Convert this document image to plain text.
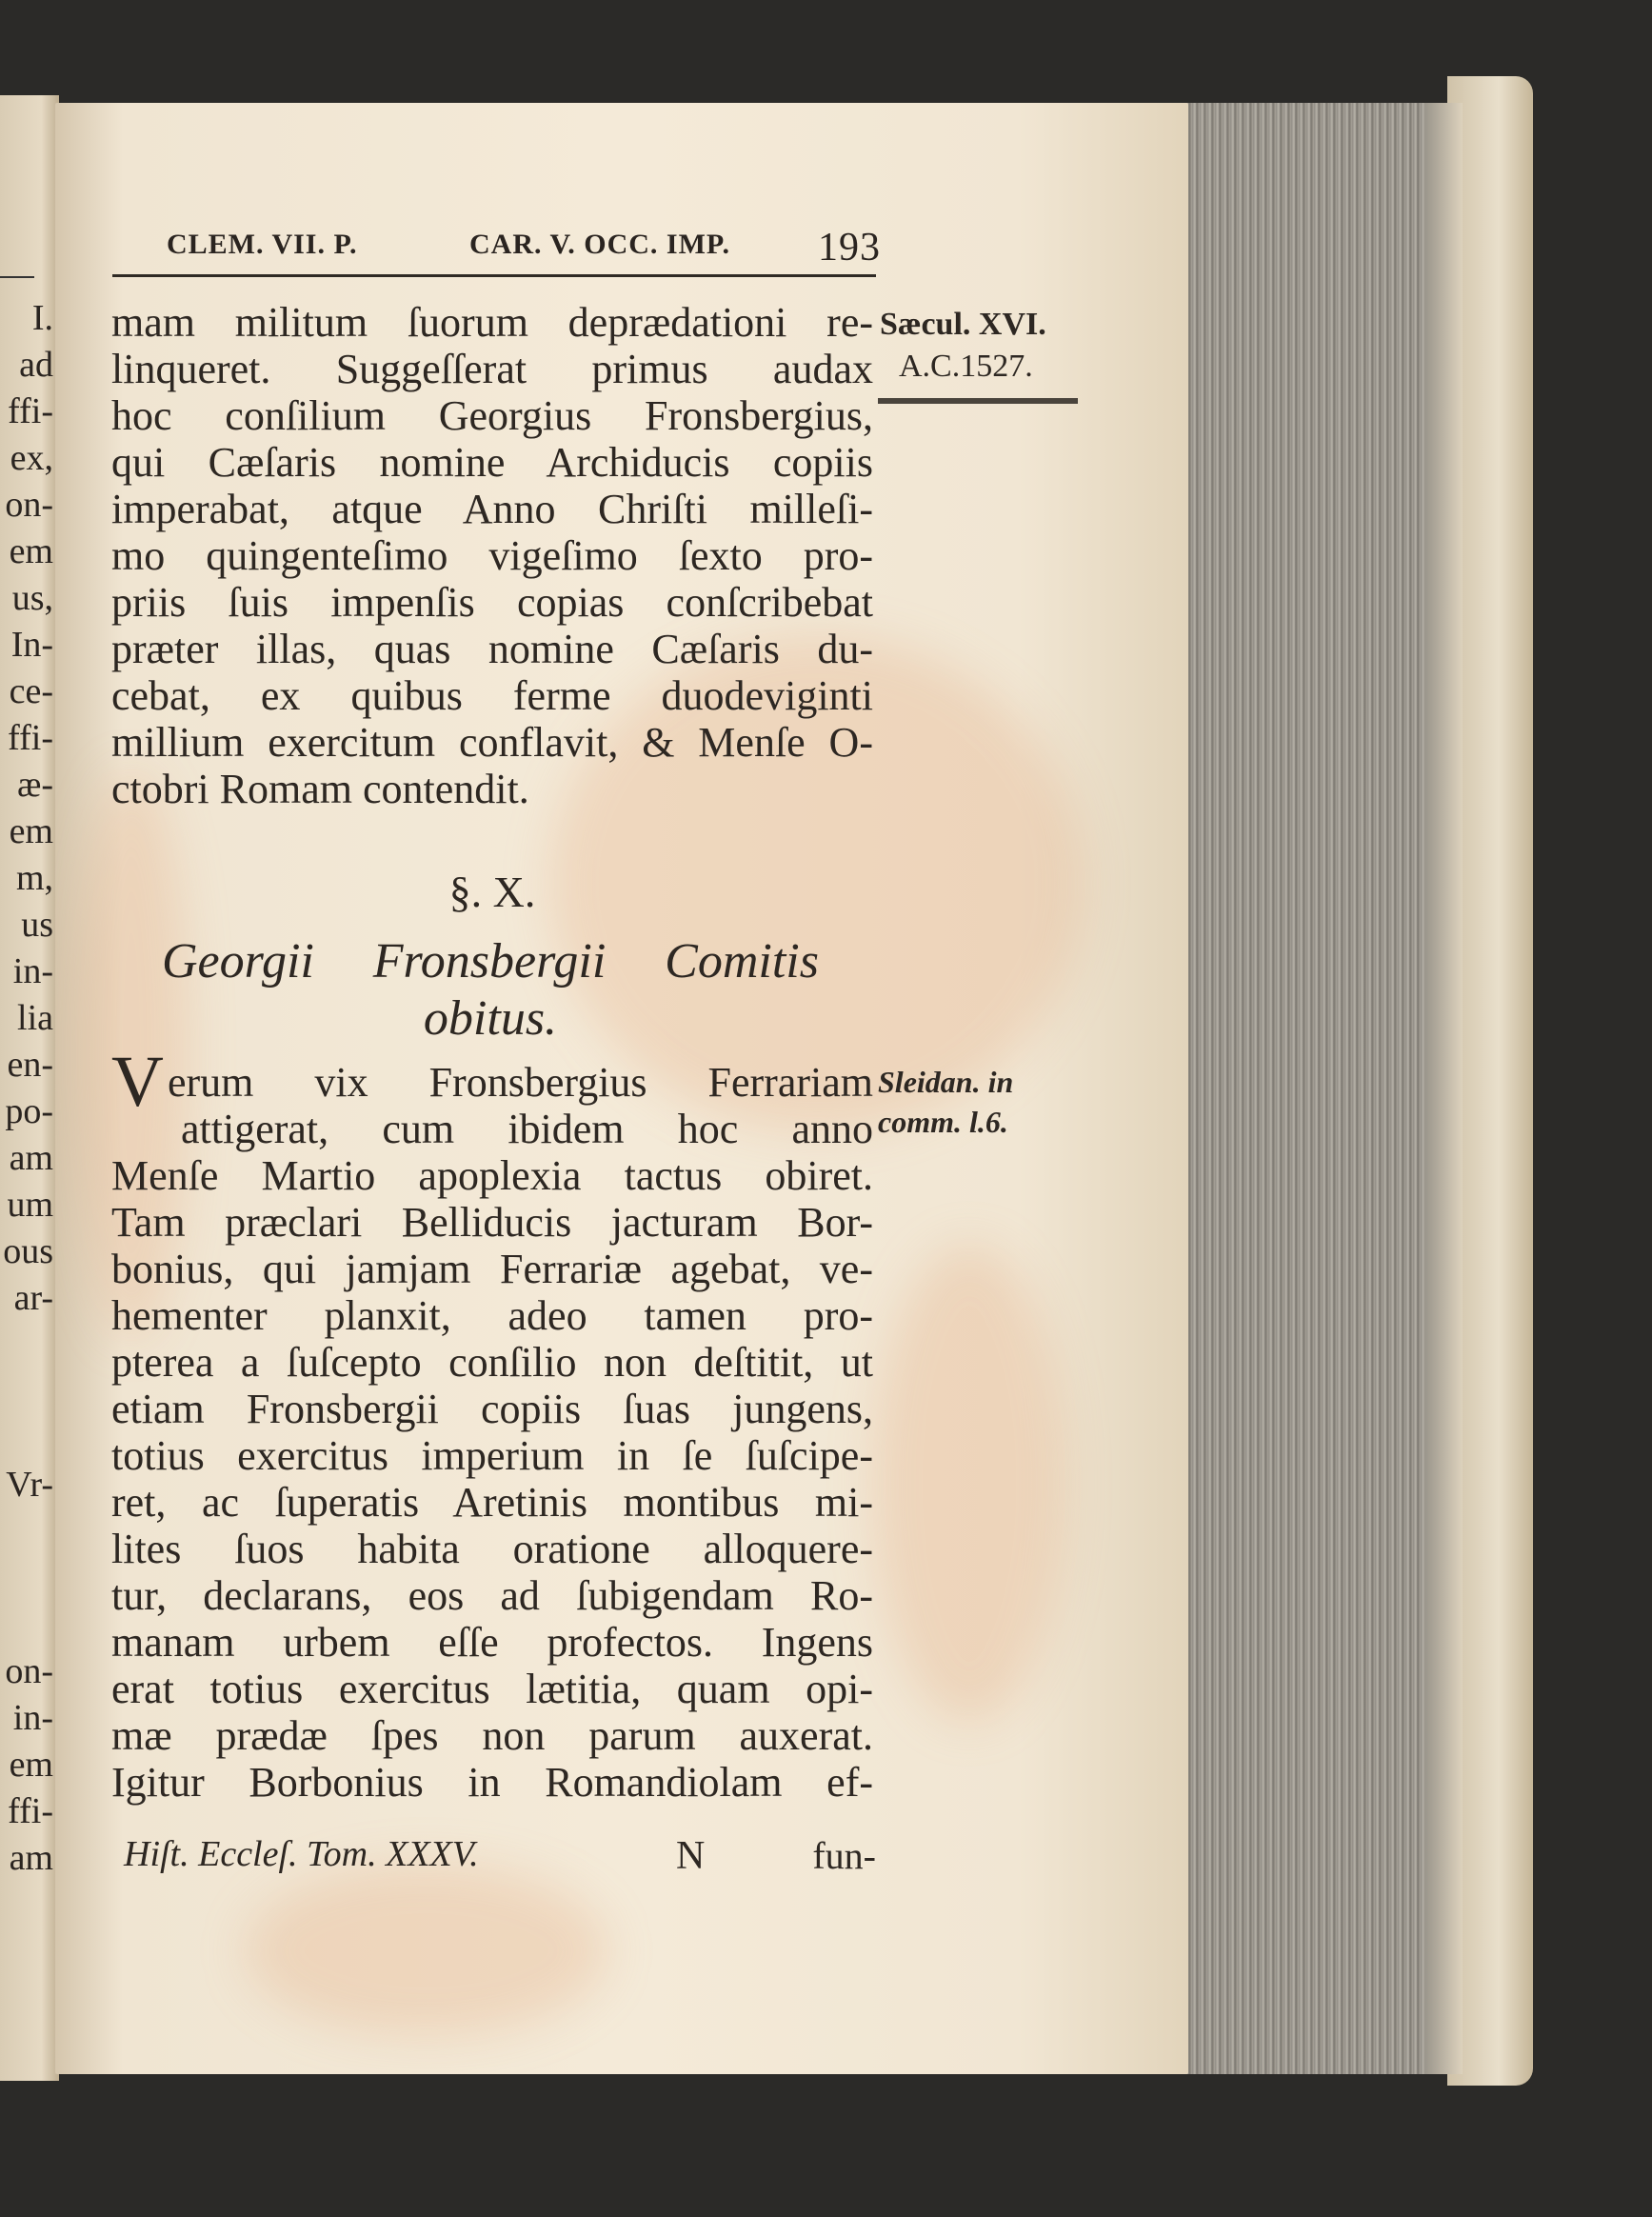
I.
ad
ffi-
ex,
on-
em
us,
In-
ce-
ffi-
æ-
em
m,
us
in-
lia
en-
po-
am
um
ous
ar-
Vr-
on-
in-
em
ffi-
am
CLEM. VII. P.	CAR. V. OCC. IMP. 193
Sæcul. XVI.
A.C.1527.
mam militum ſuorum deprædationi re-
linqueret. Suggeſſerat primus audax
hoc conſilium Georgius Fronsbergius,
qui Cæſaris nomine Archiducis copiis
imperabat, atque Anno Chriſti milleſi-
mo quingenteſimo vigeſimo ſexto pro-
priis ſuis impenſis copias conſcribebat
præter illas, quas nomine Cæſaris du-
cebat, ex quibus ferme duodeviginti
millium exercitum conflavit, & Menſe O-
ctobri Romam contendit.
§. X.
Georgii Fronsbergii Comitis
obitus.
V erum vix Fronsbergius Ferrariam Sleidan. in
comm. l.6.
attigerat, cum ibidem hoc anno
Menſe Martio apoplexia tactus obiret.
Tam præclari Belliducis jacturam Bor-
bonius, qui jamjam Ferrariæ agebat, ve-
hementer planxit, adeo tamen pro-
pterea a ſuſcepto conſilio non deſtitit, ut
etiam Fronsbergii copiis ſuas jungens,
totius exercitus imperium in ſe ſuſcipe-
ret, ac ſuperatis Aretinis montibus mi-
lites ſuos habita oratione alloquere-
tur, declarans, eos ad ſubigendam Ro-
manam urbem eſſe profectos. Ingens
erat totius exercitus lætitia, quam opi-
mæ prædæ ſpes non parum auxerat.
Igitur Borbonius in Romandiolam ef-
Hiſt. Eccleſ. Tom. XXXV.	N	fun-
